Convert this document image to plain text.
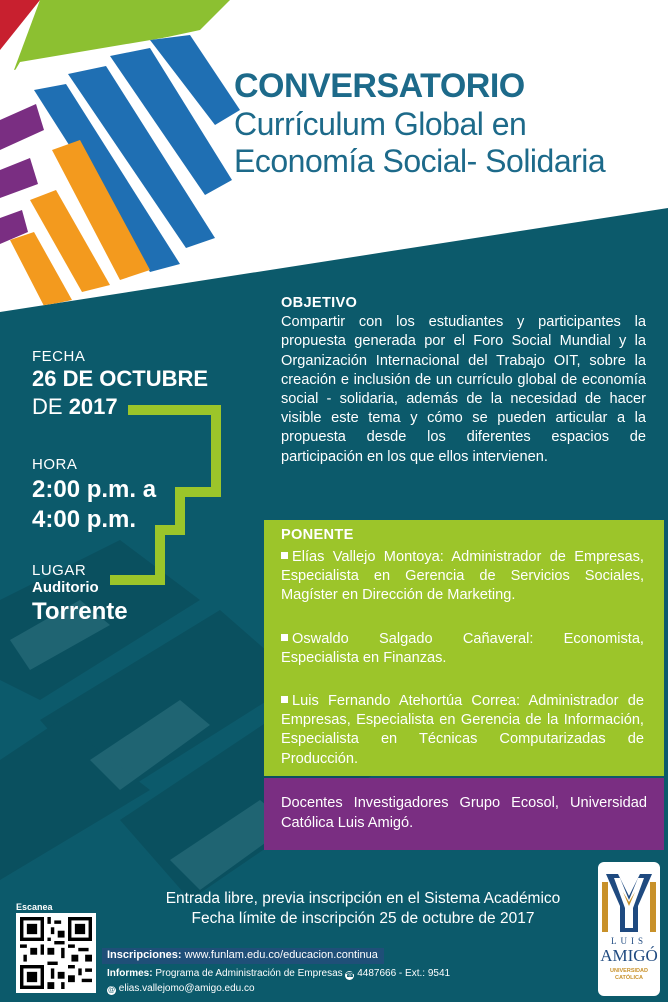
CONVERSATORIO
Currículum Global en
Economía Social- Solidaria
FECHA
26 DE OCTUBRE
DE 2017
HORA
2:00 p.m. a
4:00 p.m.
LUGAR
Auditorio
Torrente
OBJETIVO

Compartir con los estudiantes y participantes la propuesta generada por el Foro Social Mundial y la Organización Internacional del Trabajo OIT, sobre la creación e inclusión de un currículo global de economía social - solidaria, además de la necesidad de hacer visible este tema y cómo se pueden articular a la propuesta desde los diferentes espacios de participación en los que ellos intervienen.

PONENTE
Elías Vallejo Montoya: Administrador de Empresas, Especialista en Gerencia de Servicios Sociales, Magíster en Dirección de Marketing.
Oswaldo Salgado Cañaveral: Economista, Especialista en Finanzas.
Luis Fernando Atehortúa Correa: Administrador de Empresas, Especialista en Gerencia de la Información, Especialista en Técnicas Computarizadas de Producción.
Docentes Investigadores Grupo Ecosol, Universidad Católica Luis Amigó.
Entrada libre, previa inscripción en el Sistema Académico
Fecha límite de inscripción 25 de octubre de 2017
Escanea
Inscripciones: www.funlam.edu.co/educacion.continua
Informes: Programa de Administración de Empresas ☎ 4487666 - Ext.: 9541
@ elias.vallejomo@amigo.edu.co
LUIS
AMIGÓ
UNIVERSIDAD CATÓLICA
